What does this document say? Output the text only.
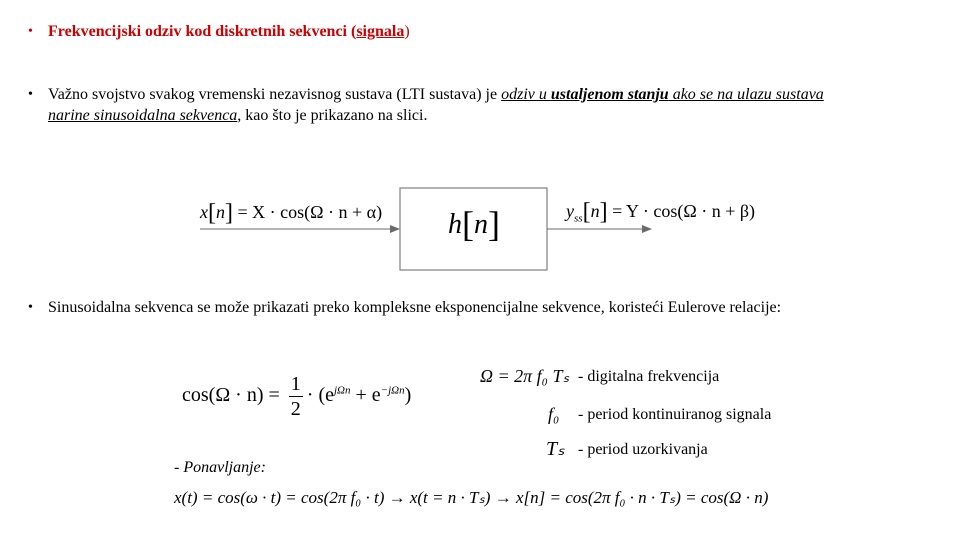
• Frekvencijski odziv kod diskretnih sekvenci (signala)
• Važno svojstvo svakog vremenski nezavisnog sustava (LTI sustava) je odziv u ustaljenom stanju ako se na ulazu sustava
narine sinusoidalna sekvenca, kao što je prikazano na slici.
x[n] = X · cos(Ω · n + α) h[n]	$y_{ss}[n] = Y \cdot \cos(\Omega \cdot n + \beta)$
• Sinusoidalna sekvenca se može prikazati preko kompleksne eksponencijalne sekvence, koristeći Eulerove relacije:
$\cos(\Omega \cdot n) = \frac{1}{2} \cdot (e^{j\Omega n} + e^{-j\Omega n})$
Ω = 2π f₀ Tₛ - digitalna frekvencija
f₀ - period kontinuiranog signala
Tₛ - period uzorkivanja
- Ponavljanje:
x(t) = cos(ω · t) = cos(2π f₀ · t) → x(t = n · Tₛ) → x[n] = cos(2π f₀ · n · Tₛ) = cos(Ω · n)
